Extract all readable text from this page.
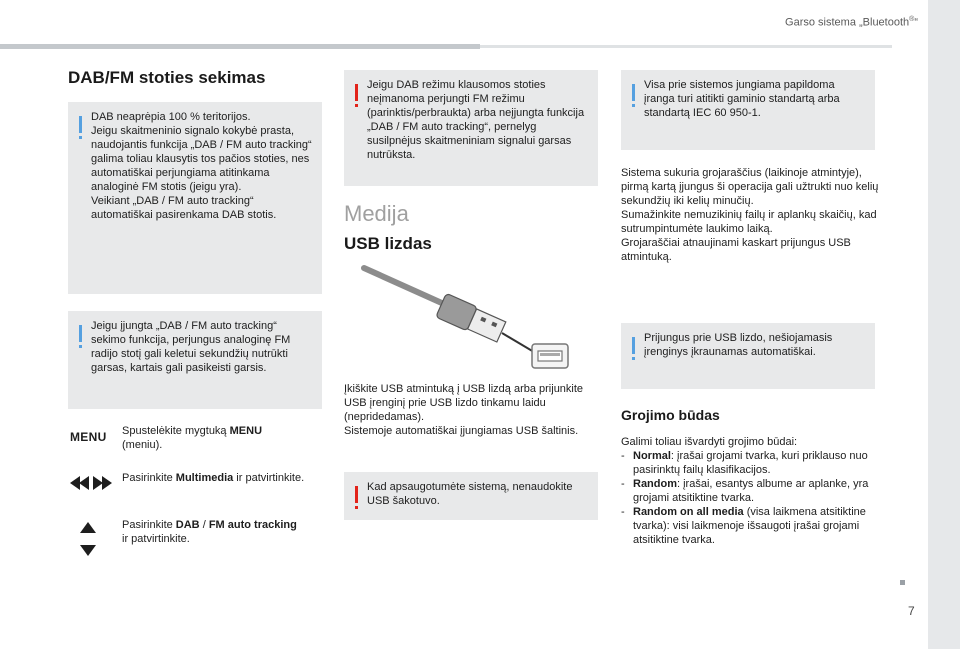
Garso sistema „Bluetooth®“
7
DAB/FM stoties sekimas

DAB neaprėpia 100 % teritorijos.
Jeigu skaitmeninio signalo kokybė prasta, naudojantis funkcija „DAB / FM auto tracking“ galima toliau klausytis tos pačios stoties, nes automatiškai perjungiama atitinkama analoginė FM stotis (jeigu yra).
Veikiant „DAB / FM auto tracking“ automatiškai pasirenkama DAB stotis.

Jeigu įjungta „DAB / FM auto tracking“ sekimo funkcija, perjungus analoginę FM radijo stotį gali keletui sekundžių nutrūkti garsas, kartais gali pasikeisti garsis.

MENU Spustelėkite mygtuką MENU
(meniu).
Pasirinkite Multimedia ir patvirtinkite.
Pasirinkite DAB / FM auto tracking
ir patvirtinkite.

Jeigu DAB režimu klausomos stoties neįmanoma perjungti FM režimu (parinktis/perbraukta) arba neįjungta funkcija „DAB / FM auto tracking“, pernelyg susilpnėjus skaitmeniniam signalui garsas nutrūksta.

Medija
USB lizdas
Įkiškite USB atmintuką į USB lizdą arba prijunkite USB įrenginį prie USB lizdo tinkamu laidu (nepridedamas).
Sistemoje automatiškai įjungiamas USB šaltinis.

Kad apsaugotumėte sistemą, nenaudokite USB šakotuvo.

Visa prie sistemos jungiama papildoma įranga turi atitikti gaminio standartą arba standartą IEC 60 950-1.

Sistema sukuria grojaraščius (laikinoje atmintyje), pirmą kartą įjungus ši operacija gali užtrukti nuo kelių sekundžių iki kelių minučių.
Sumažinkite nemuzikinių failų ir aplankų skaičių, kad sutrumpintumėte laukimo laiką.
Grojaraščiai atnaujinami kaskart prijungus USB atmintuką.

Prijungus prie USB lizdo, nešiojamasis įrenginys įkraunamas automatiškai.

Grojimo būdas
Galimi toliau išvardyti grojimo būdai:
- Normal: įrašai grojami tvarka, kuri priklauso nuo pasirinktų failų klasifikacijos.
- Random: įrašai, esantys albume ar aplanke, yra grojami atsitiktine tvarka.
- Random on all media (visa laikmena atsitiktine tvarka): visi laikmenoje išsaugoti įrašai grojami atsitiktine tvarka.
